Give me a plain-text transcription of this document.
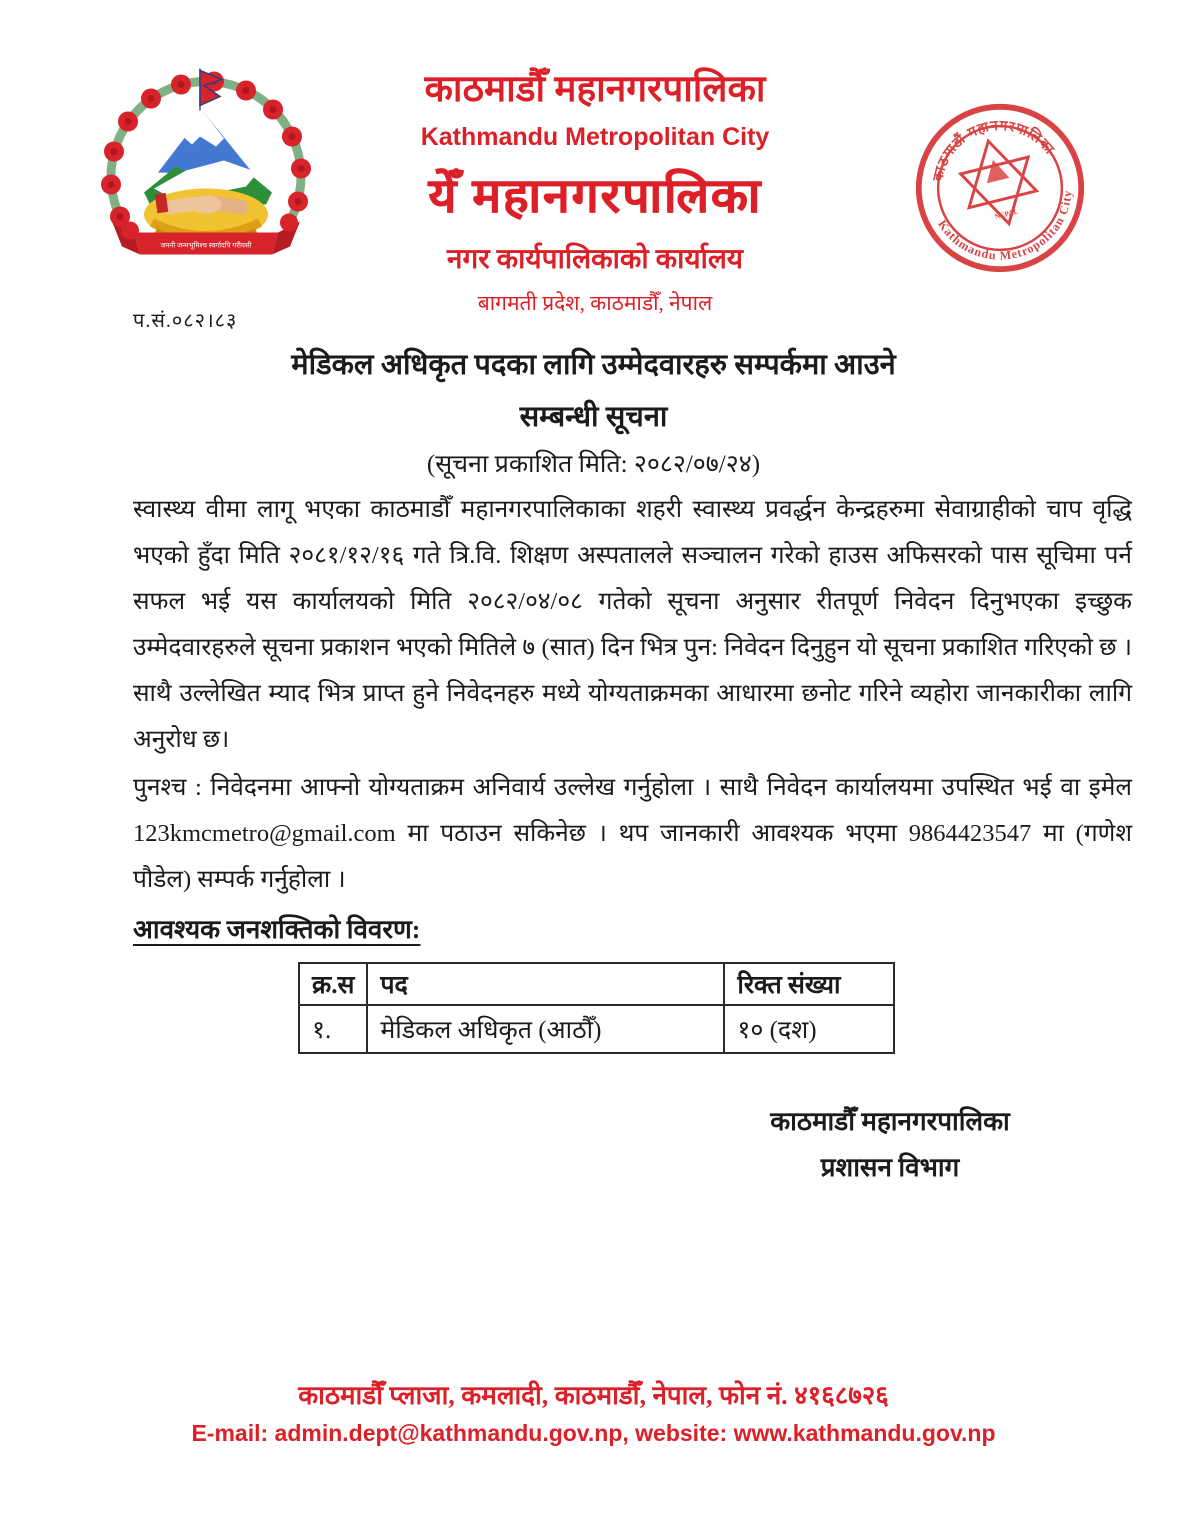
जननी जन्मभूमिश्च स्वर्गादपि गरीयसी
काठमाडौँ महानगरपालिका
Kathmandu Metropolitan City
येँ महानगरपालिका
नगर कार्यपालिकाको कार्यालय
बागमती प्रदेश, काठमाडौँ, नेपाल
काठमाडौं महानगरपालिका
Kathmandu Metropolitan City
NEPAL
प.सं.०८२।८३
मेडिकल अधिकृत पदका लागि उम्मेदवारहरु सम्पर्कमा आउने
सम्बन्धी सूचना
(सूचना प्रकाशित मिति: २०८२/०७/२४)

स्वास्थ्य वीमा लागू भएका काठमाडौँ महानगरपालिकाका शहरी स्वास्थ्य प्रवर्द्धन केन्द्रहरुमा सेवाग्राहीको चाप वृद्धि भएको हुँदा मिति २०८१/१२/१६ गते त्रि.वि. शिक्षण अस्पतालले सञ्चालन गरेको हाउस अफिसरको पास सूचिमा पर्न सफल भई यस कार्यालयको मिति २०८२/०४/०८ गतेको सूचना अनुसार रीतपूर्ण निवेदन दिनुभएका इच्छुक उम्मेदवारहरुले सूचना प्रकाशन भएको मितिले ७ (सात) दिन भित्र पुन: निवेदन दिनुहुन यो सूचना प्रकाशित गरिएको छ । साथै उल्लेखित म्याद भित्र प्राप्त हुने निवेदनहरु मध्ये योग्यताक्रमका आधारमा छनोट गरिने व्यहोरा जानकारीका लागि अनुरोध छ।

पुनश्च : निवेदनमा आफ्नो योग्यताक्रम अनिवार्य उल्लेख गर्नुहोला । साथै निवेदन कार्यालयमा उपस्थित भई वा इमेल 123kmcmetro@gmail.com मा पठाउन सकिनेछ । थप जानकारी आवश्यक भएमा 9864423547 मा (गणेश पौडेल) सम्पर्क गर्नुहोला ।

आवश्यक जनशक्तिको विवरण:
क्र.स	पद	रिक्त संख्या
१.	मेडिकल अधिकृत (आठौँ)	१० (दश)
काठमाडौँ महानगरपालिका
प्रशासन विभाग
काठमाडौँ प्लाजा, कमलादी, काठमाडौँ, नेपाल, फोन नं. ४१६८७२६
E-mail: admin.dept@kathmandu.gov.np, website: www.kathmandu.gov.np
